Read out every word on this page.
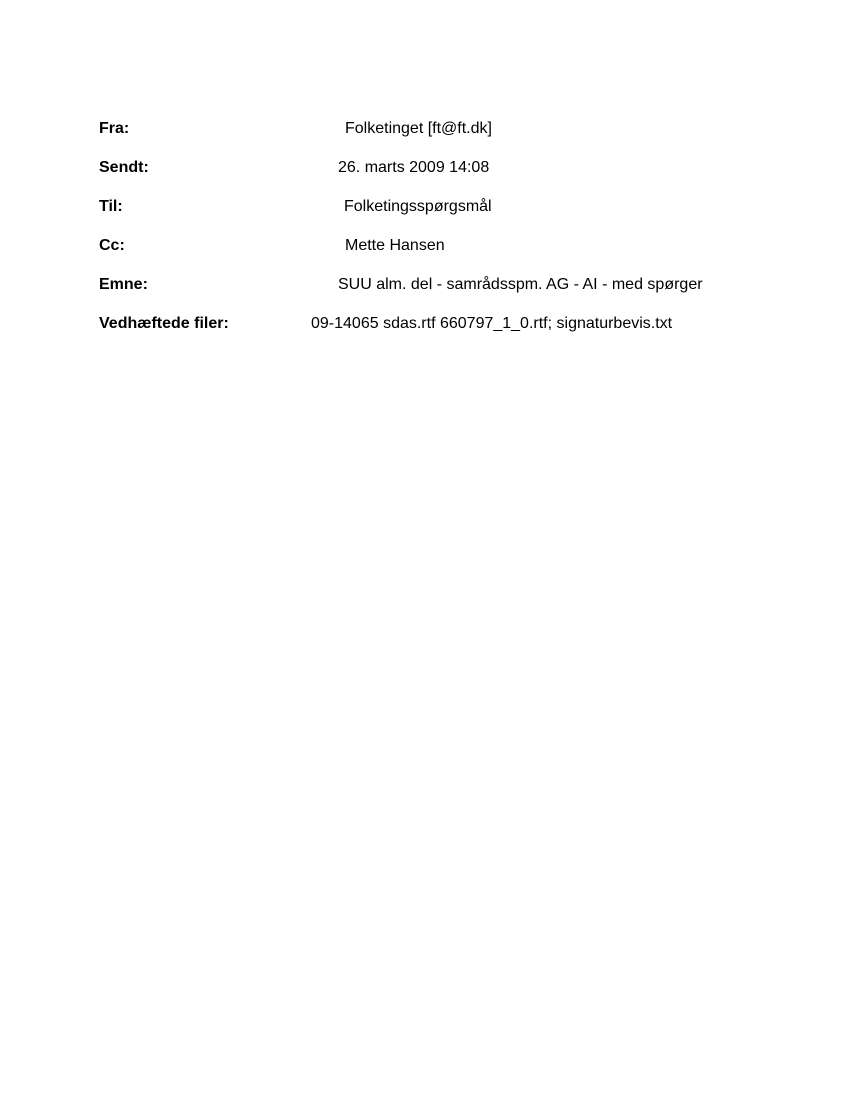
Fra:	Folketinget [ft@ft.dk]
Sendt:	26. marts 2009 14:08
Til:	Folketingsspørgsmål
Cc:	Mette Hansen
Emne:	SUU alm. del - samrådsspm. AG - AI - med spørger
Vedhæftede filer:	09-14065 sdas.rtf 660797_1_0.rtf; signaturbevis.txt
